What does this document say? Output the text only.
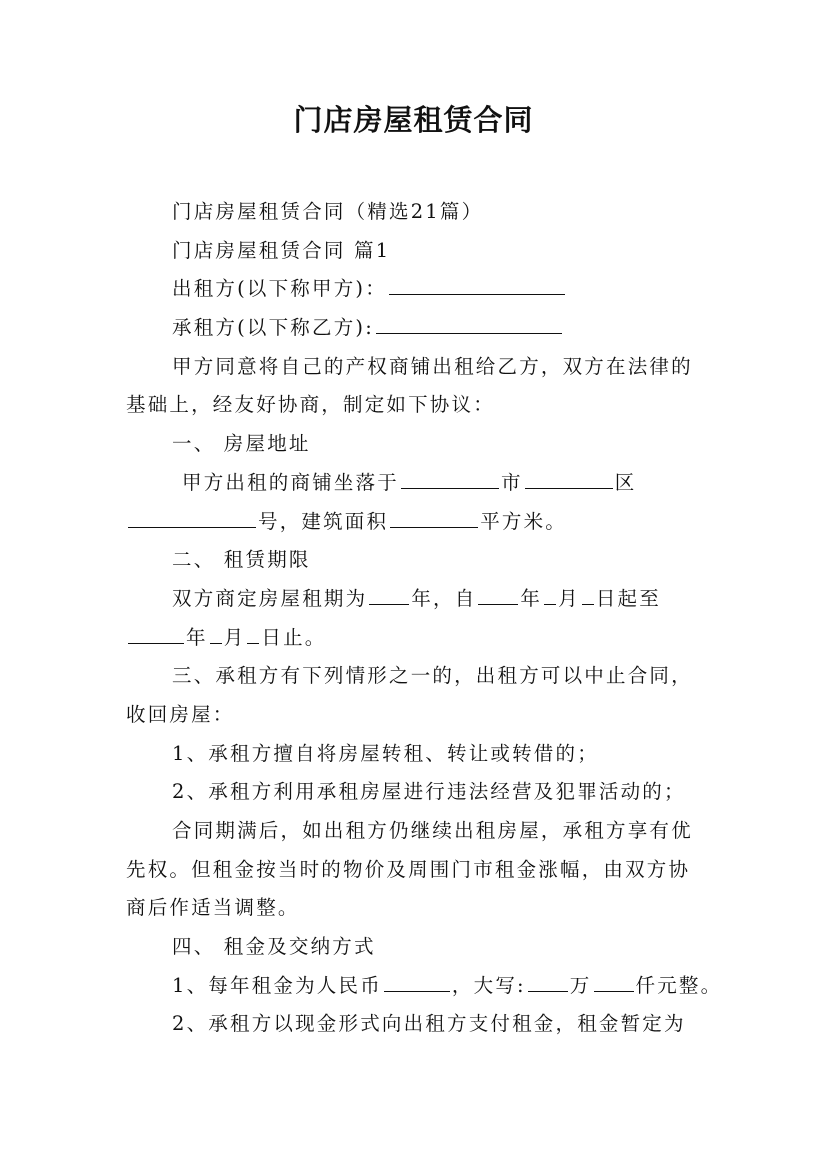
门店房屋租赁合同
门店房屋租赁合同（精选21篇）
门店房屋租赁合同 篇1
出租方(以下称甲方)：
承租方(以下称乙方):
甲方同意将自己的产权商铺出租给乙方，双方在法律的
基础上，经友好协商，制定如下协议：
一、 房屋地址
甲方出租的商铺坐落于	市	区
号，建筑面积	平方米。
二、 租赁期限
双方商定房屋租期为 年，自 年 月 日起至
年 月 日止。
三、承租方有下列情形之一的，出租方可以中止合同，
收回房屋：
1、承租方擅自将房屋转租、转让或转借的；
2、承租方利用承租房屋进行违法经营及犯罪活动的；
合同期满后，如出租方仍继续出租房屋，承租方享有优
先权。但租金按当时的物价及周围门市租金涨幅，由双方协
商后作适当调整。
四、 租金及交纳方式
1、每年租金为人民币	，大写: 万 仟元整。
2、承租方以现金形式向出租方支付租金，租金暂定为
